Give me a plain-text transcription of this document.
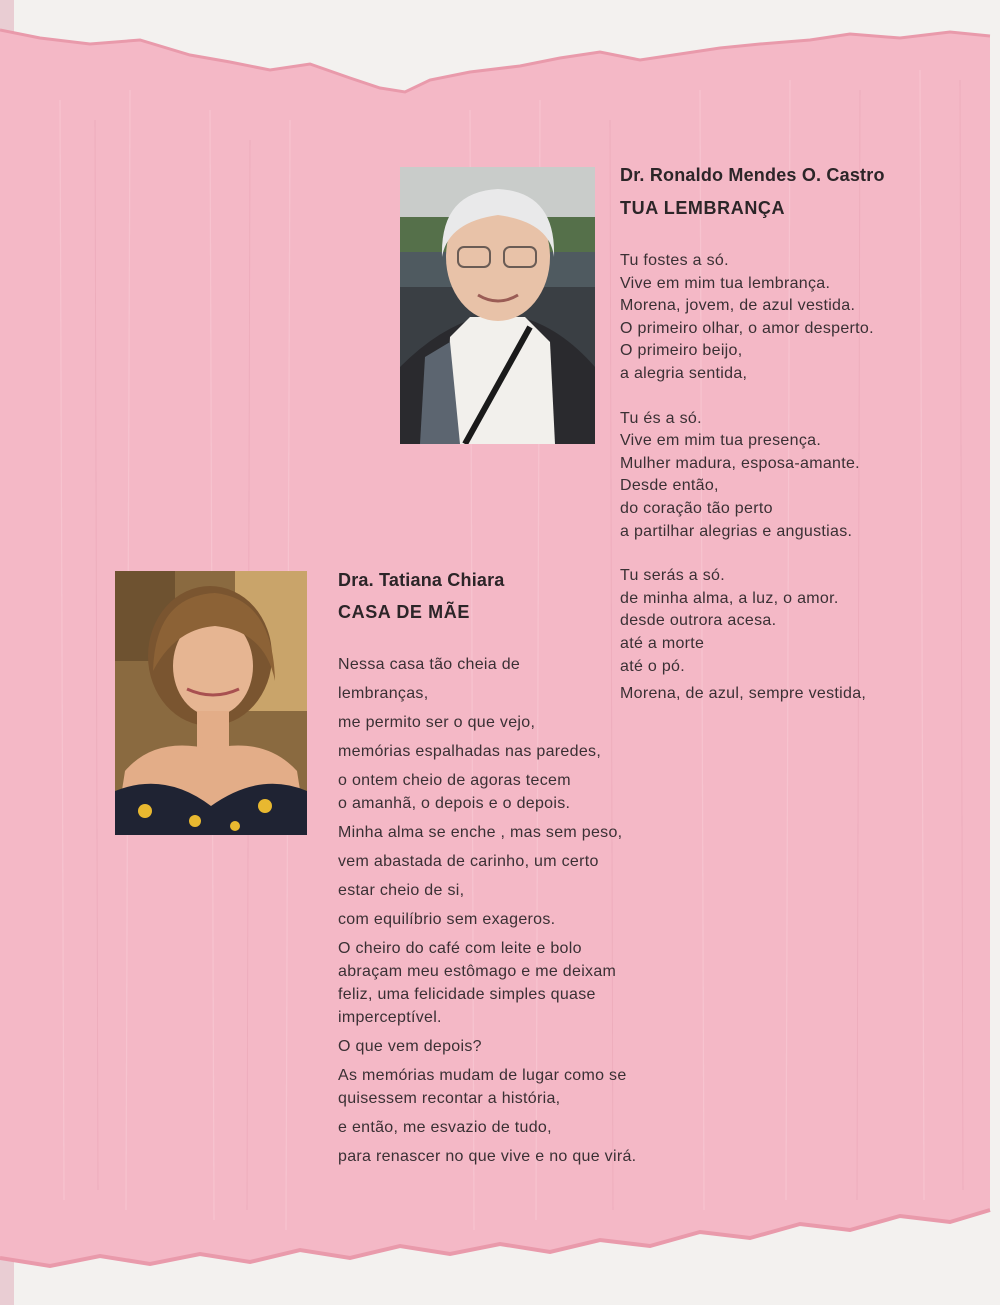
Dr. Ronaldo Mendes O. Castro
TUA LEMBRANÇA
Tu fostes a só.
Vive em mim tua lembrança.
Morena, jovem, de azul vestida.
O primeiro olhar, o amor desperto.
O primeiro beijo,
a alegria sentida,
Tu és a só.
Vive em mim tua presença.
Mulher madura, esposa-amante.
Desde então,
do coração tão perto
a partilhar alegrias e angustias.
Tu serás a só.
de minha alma, a luz, o amor.
desde outrora acesa.
até a morte
até o pó.
Morena, de azul, sempre vestida,
Dra. Tatiana Chiara
CASA DE MÃE
Nessa casa tão cheia de
lembranças,
me permito ser o que vejo,
memórias espalhadas nas paredes,
o ontem cheio de agoras tecem
o amanhã, o depois e o depois.
Minha alma se enche , mas sem peso,
vem abastada de carinho, um certo
estar cheio de si,
com equilíbrio sem exageros.
O cheiro do café com leite e bolo
abraçam meu estômago e me deixam
feliz, uma felicidade simples quase
imperceptível.
O que vem depois?
As memórias mudam de lugar como se
quisessem recontar a história,
e então, me esvazio de tudo,
para renascer no que vive e no que virá.
